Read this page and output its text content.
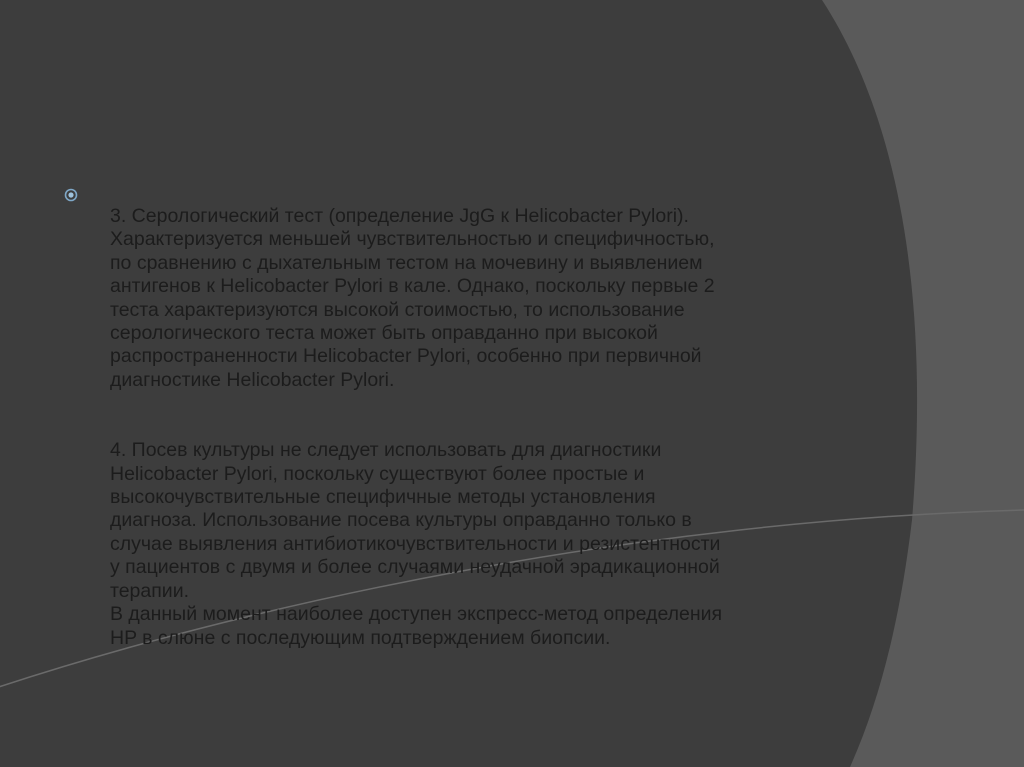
3. Серологический тест (определение JgG к Helicobacter Pylori).
Характеризуется меньшей чувствительностью и специфичностью,
по сравнению с дыхательным тестом на мочевину и выявлением
антигенов к Helicobacter Pylori в кале. Однако, поскольку первые 2
теста характеризуются высокой стоимостью, то использование
серологического теста может быть оправданно при высокой
распространенности Helicobacter Pylori, особенно при первичной
диагностике Helicobacter Pylori.

4. Посев культуры не следует использовать для диагностики
Helicobacter Pylori, поскольку существуют более простые и
высокочувствительные специфичные методы установления
диагноза. Использование посева культуры оправданно только в
случае выявления антибиотикочувствительности и резистентности
у пациентов с двумя и более случаями неудачной эрадикационной
терапии.
В данный момент наиболее доступен экспресс-метод определения
HP в слюне с последующим подтверждением биопсии.
